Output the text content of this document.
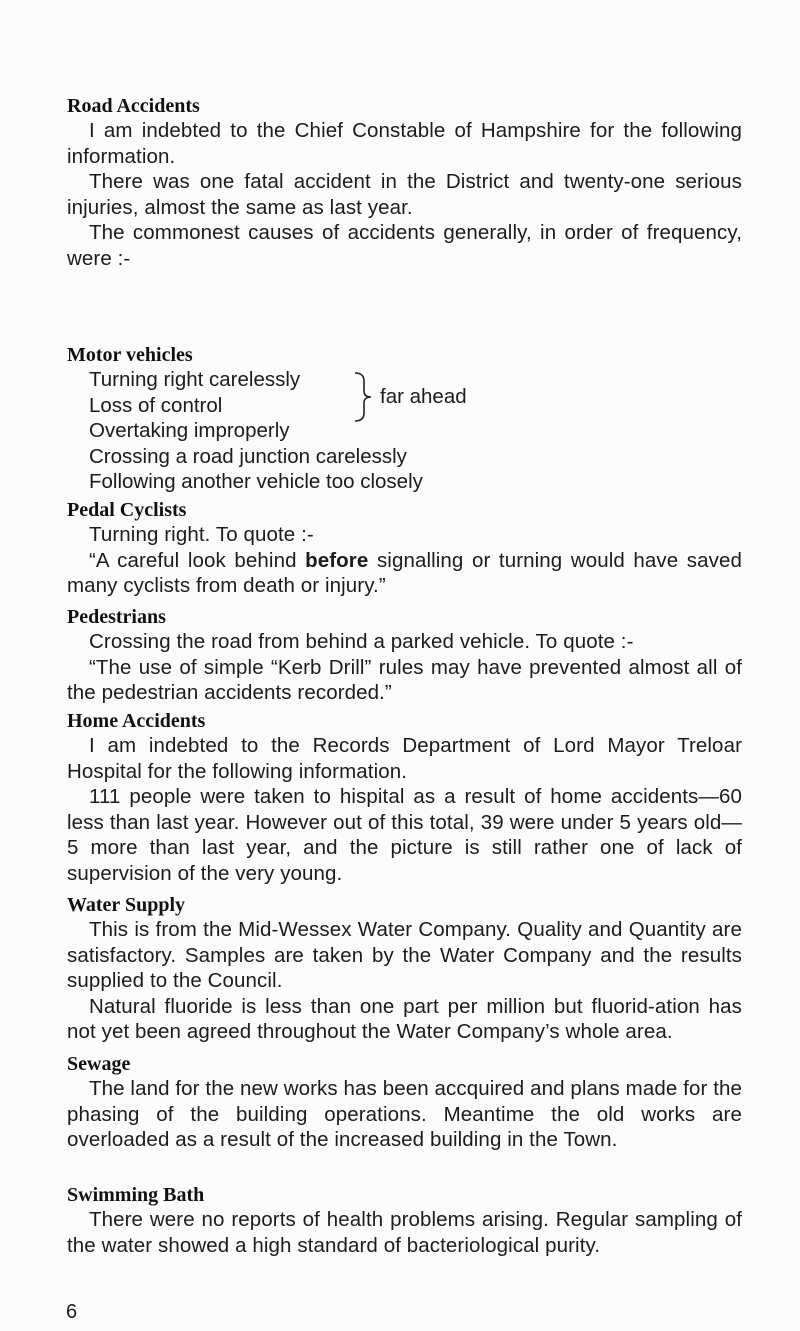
Road Accidents

I am indebted to the Chief Constable of Hampshire for the following information.

There was one fatal accident in the District and twenty-one serious injuries, almost the same as last year.

The commonest causes of accidents generally, in order of frequency, were :-

Motor vehicles
Turning right carelessly
Loss of control
Overtaking improperly
Crossing a road junction carelessly
Following another vehicle too closely
far ahead
Pedal Cyclists

Turning right. To quote :-

“A careful look behind before signalling or turning would have saved many cyclists from death or injury.”

Pedestrians

Crossing the road from behind a parked vehicle. To quote :-

“The use of simple “Kerb Drill” rules may have prevented almost all of the pedestrian accidents recorded.”

Home Accidents

I am indebted to the Records Department of Lord Mayor Treloar Hospital for the following information.

111 people were taken to hispital as a result of home accidents—60 less than last year. However out of this total, 39 were under 5 years old—5 more than last year, and the picture is still rather one of lack of supervision of the very young.

Water Supply

This is from the Mid-Wessex Water Company. Quality and Quantity are satisfactory. Samples are taken by the Water Company and the results supplied to the Council.

Natural fluoride is less than one part per million but fluorid-ation has not yet been agreed throughout the Water Company’s whole area.

Sewage

The land for the new works has been accquired and plans made for the phasing of the building operations. Meantime the old works are overloaded as a result of the increased building in the Town.

Swimming Bath

There were no reports of health problems arising. Regular sampling of the water showed a high standard of bacteriological purity.

6
